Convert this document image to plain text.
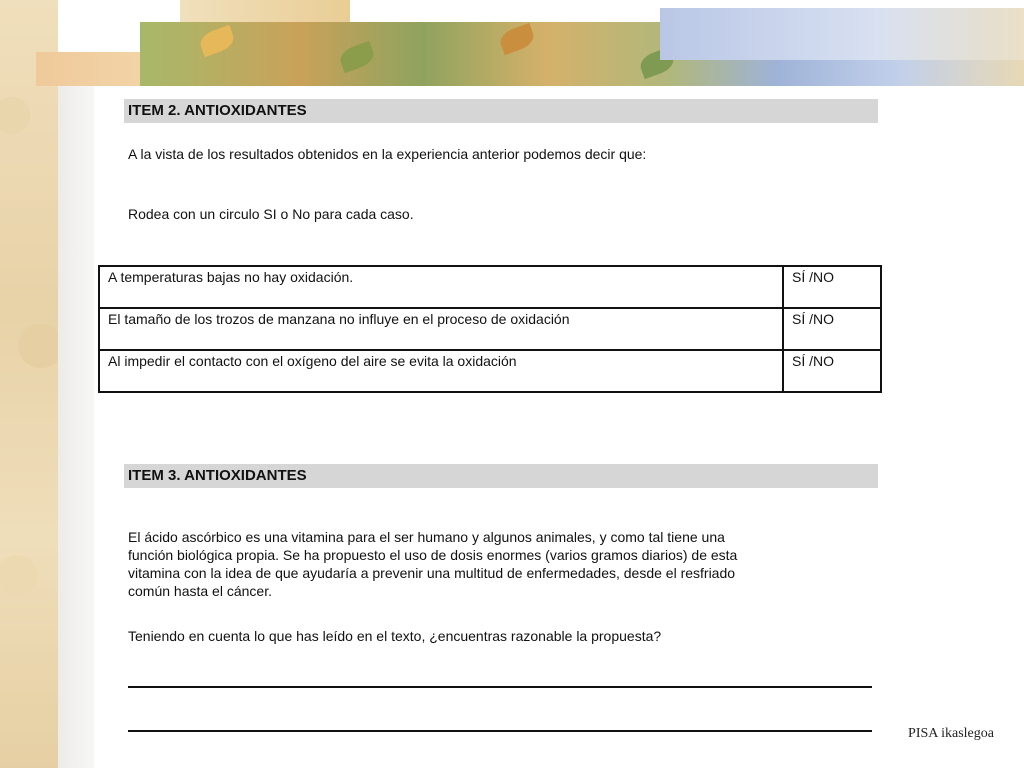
ITEM 2. ANTIOXIDANTES
A la vista de los resultados obtenidos en la experiencia anterior podemos decir que:
Rodea con un circulo SI o No para cada caso.
A temperaturas bajas no hay oxidación.	SÍ /NO
El tamaño de los trozos de manzana no influye en el proceso de oxidación	SÍ /NO
Al impedir el contacto con el oxígeno del aire se evita la oxidación	SÍ /NO
ITEM 3. ANTIOXIDANTES
El ácido ascórbico es una vitamina para el ser humano y algunos animales, y como tal tiene una
función biológica propia. Se ha propuesto el uso de dosis enormes (varios gramos diarios) de esta
vitamina con la idea de que ayudaría a prevenir una multitud de enfermedades, desde el resfriado
común hasta el cáncer.
Teniendo en cuenta lo que has leído en el texto, ¿encuentras razonable la propuesta?
PISA ikaslegoa
